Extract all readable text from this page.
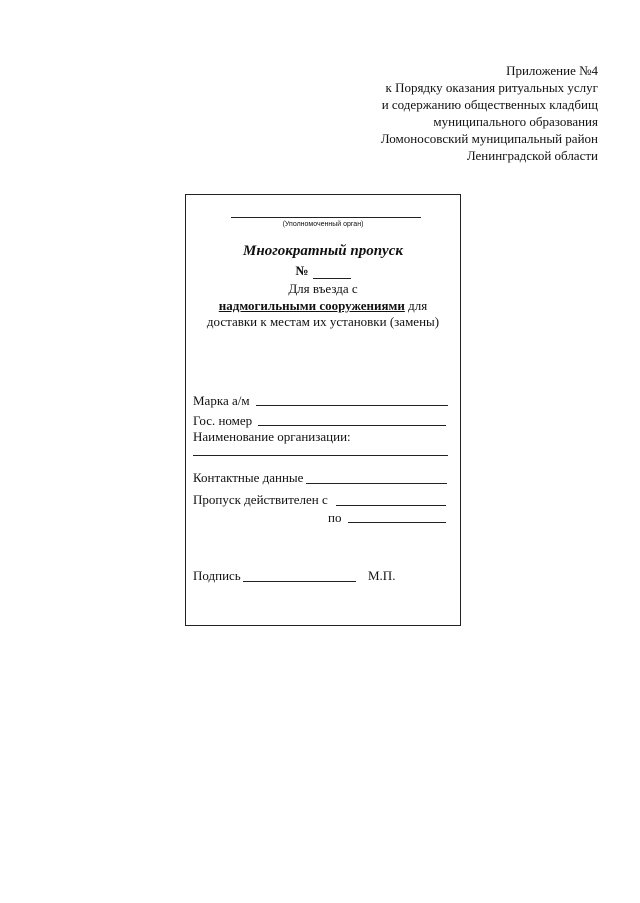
Приложение №4
к Порядку оказания ритуальных услуг
и содержанию общественных кладбищ
муниципального образования
Ломоносовский муниципальный район
Ленинградской области
(Уполномоченный орган)
Многократный пропуск
№
Для въезда с
надмогильными сооружениями для
доставки к местам их установки (замены)
Марка а/м
Гос. номер
Наименование организации:
Контактные данные
Пропуск действителен с
по
Подпись	М.П.
